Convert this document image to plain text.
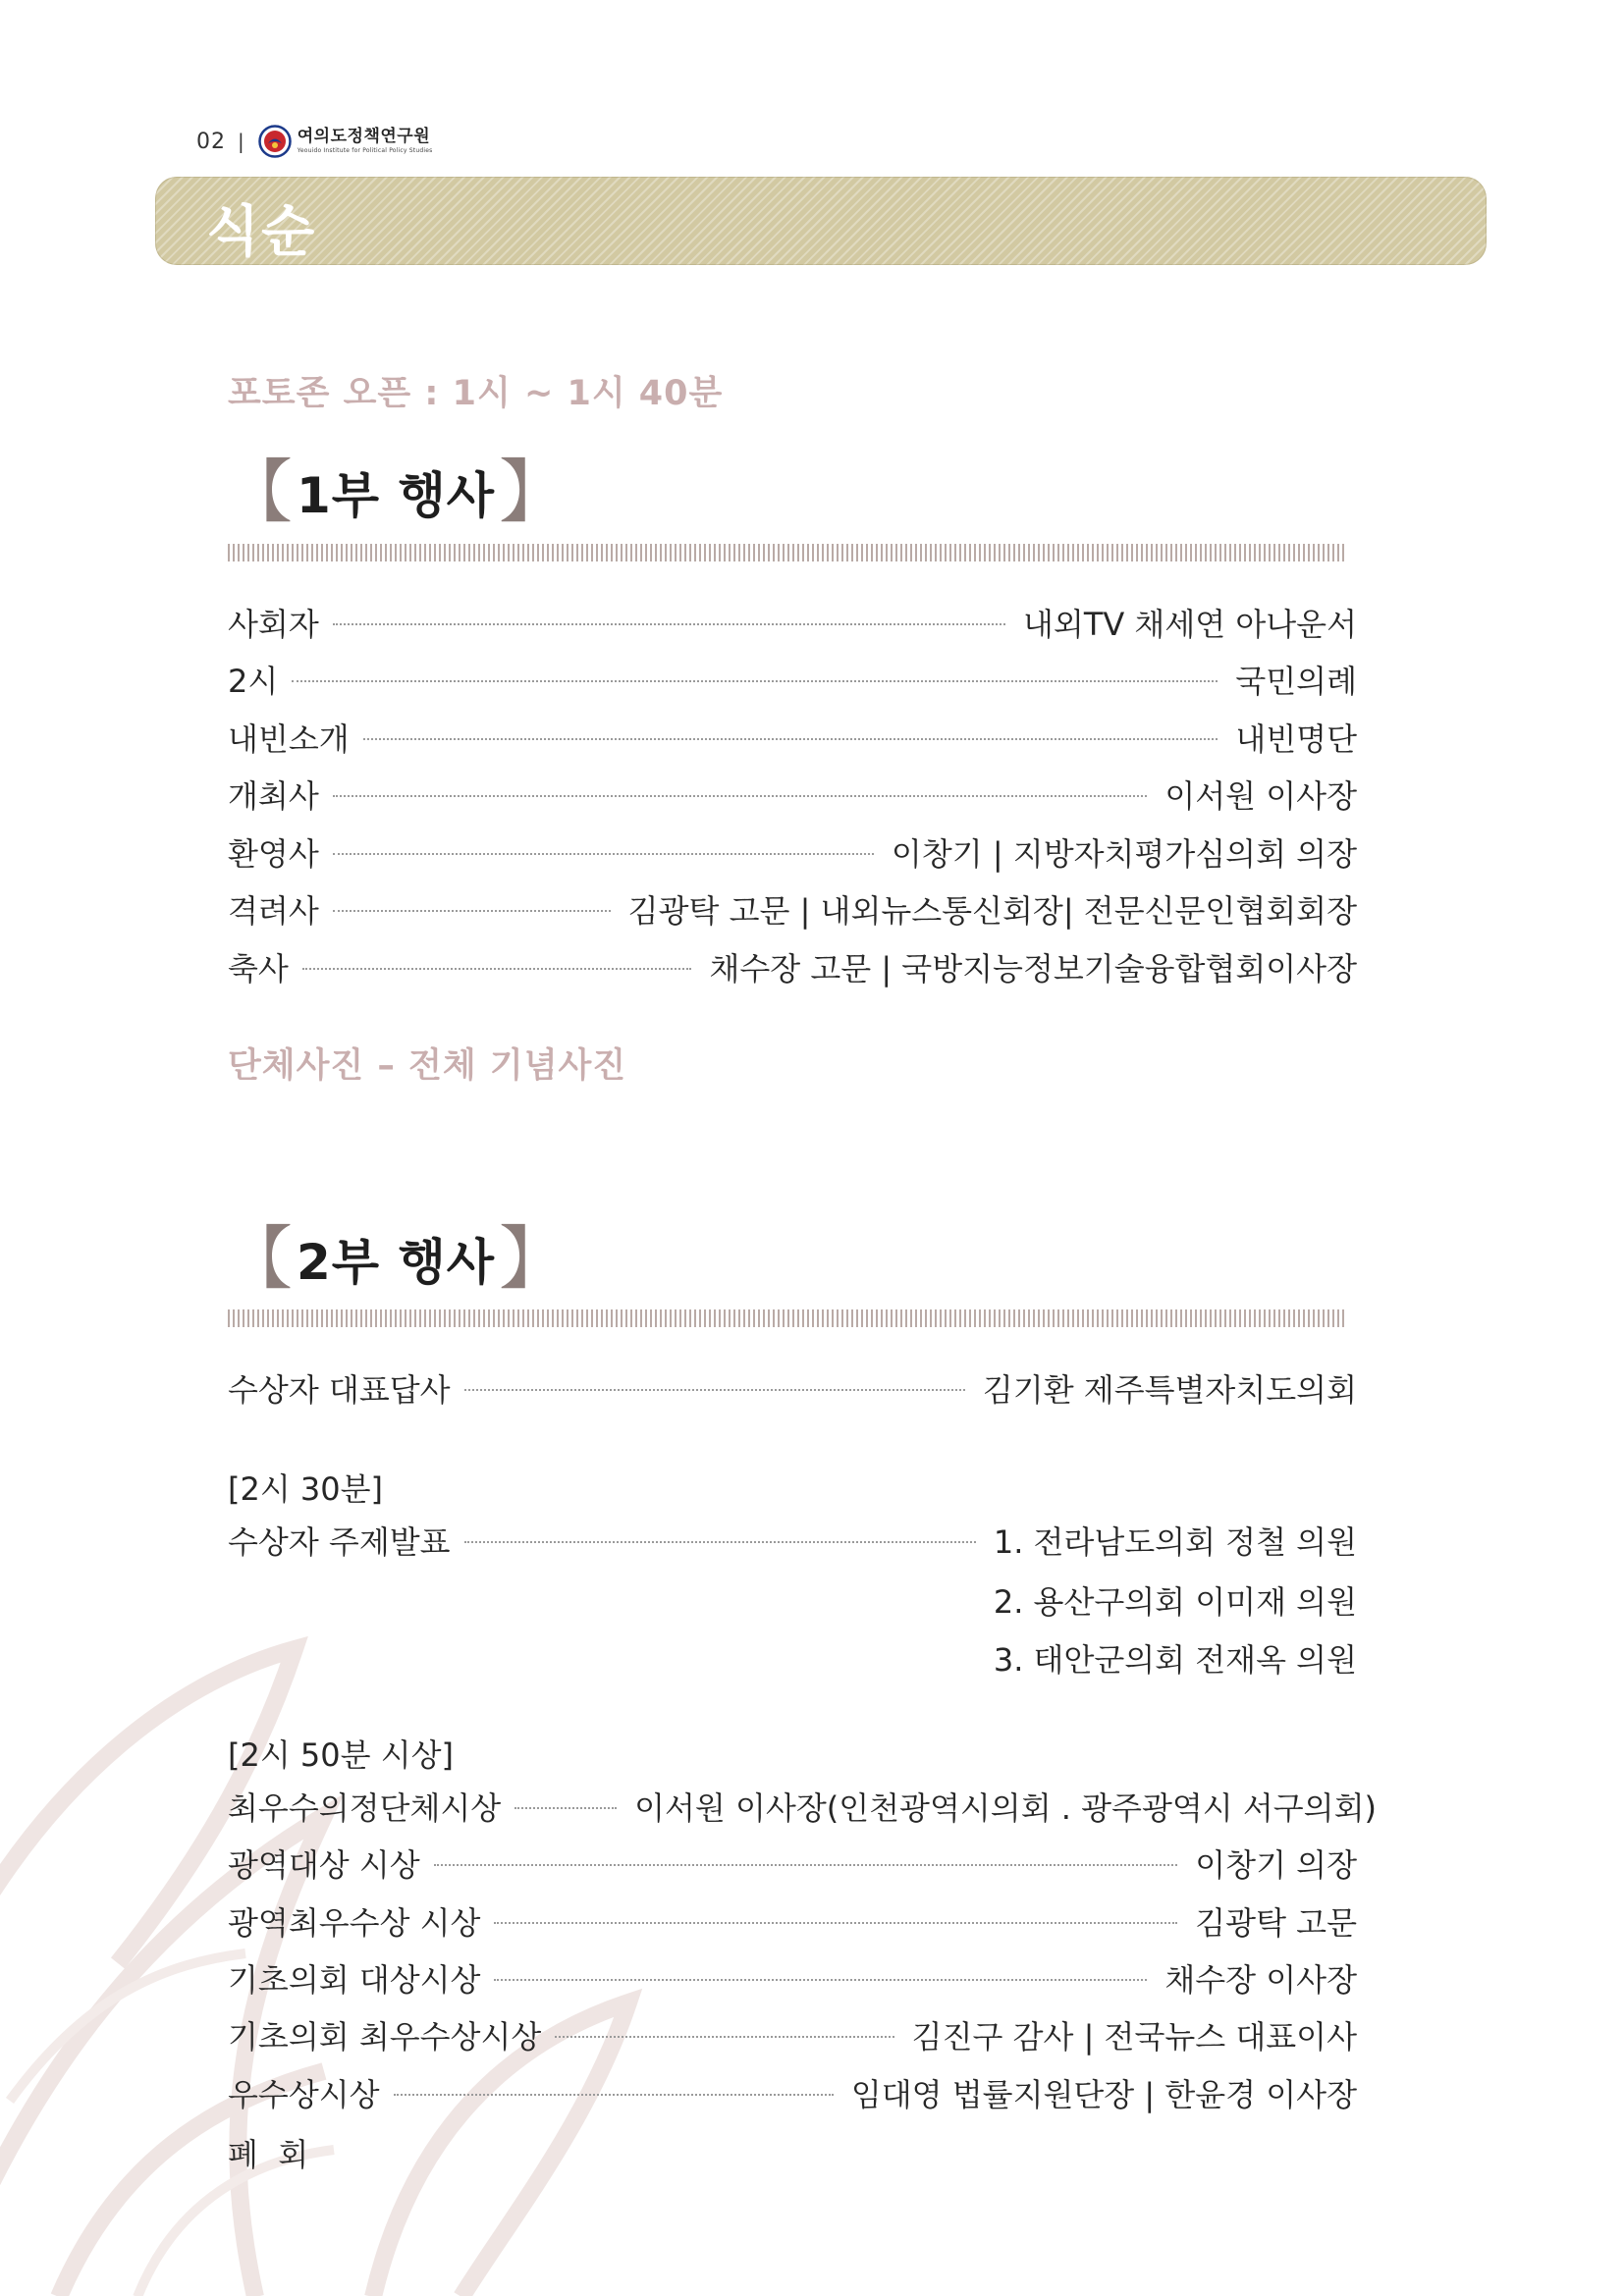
02 |	여의도정책연구원
Yeouido Institute for Political Policy Studies
식순
포토존 오픈 : 1시 ~ 1시 40분
【 1부 행사 】
사회자	내외TV 채세연 아나운서
2시	국민의례
내빈소개	내빈명단
개최사	이서원 이사장
환영사	이창기 | 지방자치평가심의회 의장
격려사	김광탁 고문 | 내외뉴스통신회장| 전문신문인협회회장
축사	채수장 고문 | 국방지능정보기술융합협회이사장
단체사진 – 전체 기념사진
【 2부 행사 】
수상자 대표답사	김기환 제주특별자치도의회
[2시 30분]
수상자 주제발표	1. 전라남도의회 정철 의원
2. 용산구의회 이미재 의원
3. 태안군의회 전재옥 의원
[2시 50분 시상]
최우수의정단체시상	이서원 이사장(인천광역시의회 . 광주광역시 서구의회)
광역대상 시상	이창기 의장
광역최우수상 시상	김광탁 고문
기초의회 대상시상	채수장 이사장
기초의회 최우수상시상	김진구 감사 | 전국뉴스 대표이사
우수상시상	임대영 법률지원단장 | 한윤경 이사장
폐  회
